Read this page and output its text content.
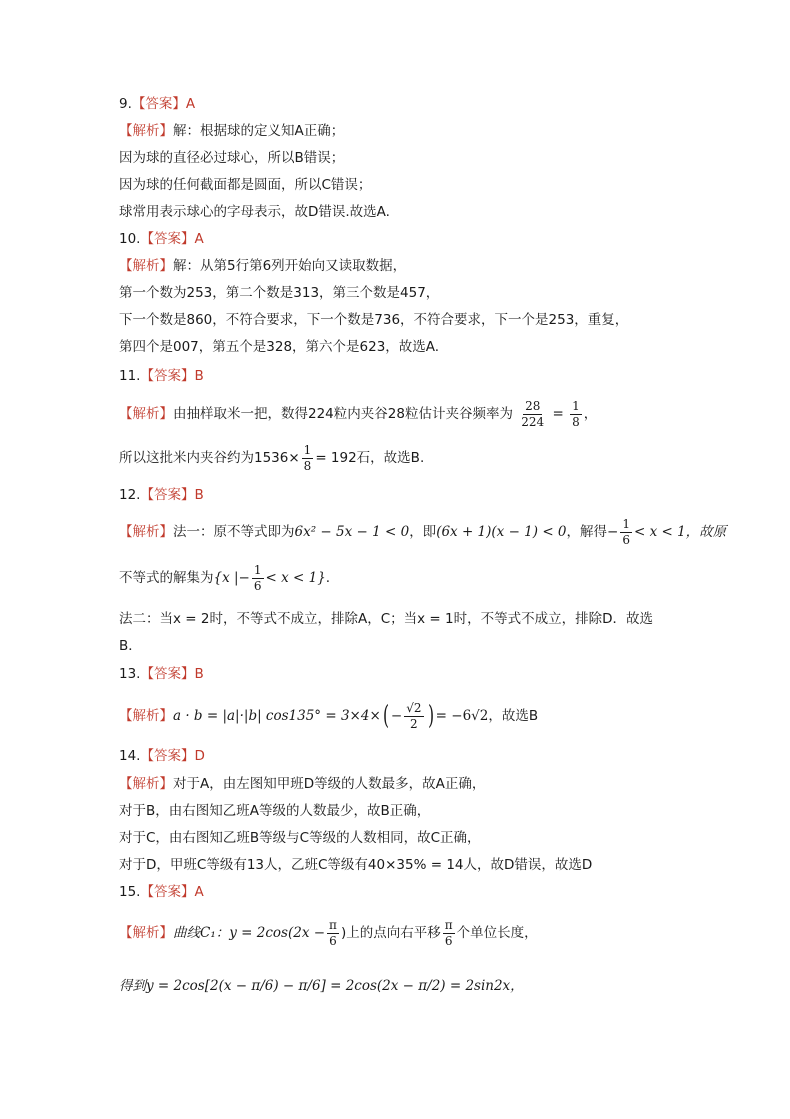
9.【答案】A
【解析】解：根据球的定义知A正确；
因为球的直径必过球心，所以B错误；
因为球的任何截面都是圆面，所以C错误；
球常用表示球心的字母表示，故D错误.故选A.
10.【答案】A
【解析】解：从第5行第6列开始向又读取数据，
第一个数为253，第二个数是313，第三个数是457，
下一个数是860，不符合要求，下一个数是736，不符合要求，下一个是253，重复，
第四个是007，第五个是328，第六个是623，故选A.
11.【答案】B
【解析】由抽样取米一把，数得224粒内夹谷28粒估计夹谷频率为 $\frac{28}{224} = \frac{1}{8}$ ，
所以这批米内夹谷约为$1536\times \frac{1}{8} = 192$石，故选B.
12.【答案】B
【解析】法一：原不等式即为6x² − 5x − 1 < 0，即(6x + 1)(x − 1) < 0，解得− $\frac{1}{6} < x < 1$，故原
不等式的解集为{x |− $\frac{1}{6} < x < 1$}.
法二：当x = 2时，不等式不成立，排除A，C；当x = 1时，不等式不成立，排除D．故选
B．
13.【答案】B
【解析】a · b = |a|·|b| $\cos 135^\circ = 3\times 4\times( - \frac{√2}{2}$ ) = −6√2，故选B
14.【答案】D
【解析】对于A，由左图知甲班D等级的人数最多，故A正确，
对于B，由右图知乙班A等级的人数最少，故B正确，
对于C，由右图知乙班B等级与C等级的人数相同，故C正确，
对于D，甲班C等级有13人，乙班C等级有40×35% = 14人，故D错误，故选D
15.【答案】A
【解析】曲线C₁：$y = 2\cos(2x - \frac{\pi}{6}$ )上的点向右平移 $\frac{\pi}{6}$ 个单位长度，
得到y = 2cos[2(x − π/6) − π/6] = 2cos(2x − π/2) = 2sin2x，
